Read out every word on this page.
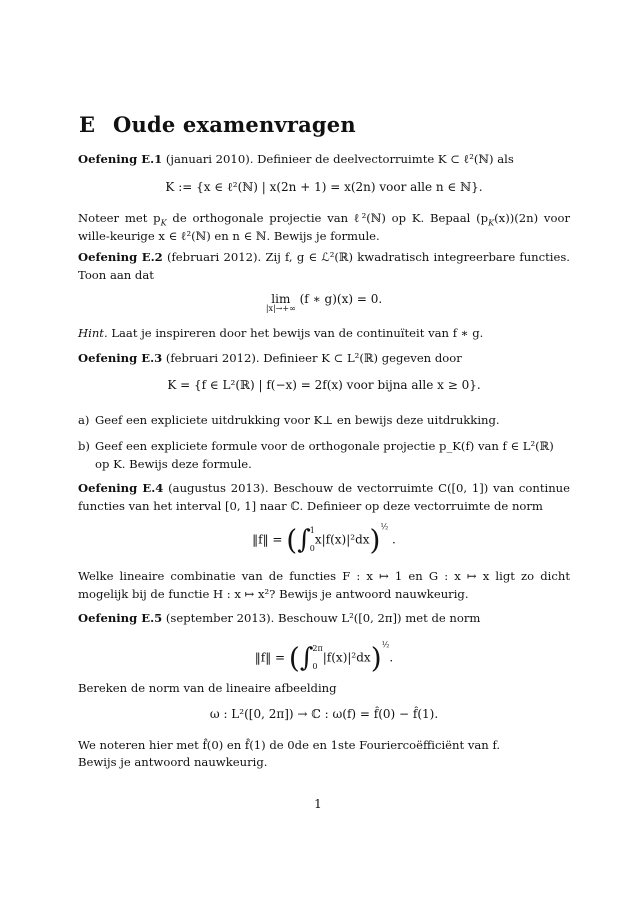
E Oude examenvragen

Oefening E.1 (januari 2010). Definieer de deelvectorruimte K ⊂ ℓ²(ℕ) als

K := {x ∈ ℓ²(ℕ) | x(2n + 1) = x(2n) voor alle n ∈ ℕ}.

Noteer met $p_K$ de orthogonale projectie van ℓ²(ℕ) op K. Bepaal $(p_K(x))(2n)$ voor wille-keurige x ∈ ℓ²(ℕ) en n ∈ ℕ. Bewijs je formule.

Oefening E.2 (februari 2012). Zij f, g ∈ ℒ²(ℝ) kwadratisch integreerbare functies. Toon aan dat

lim
|x|→+∞
(f ∗ g)(x) = 0.

Hint. Laat je inspireren door het bewijs van de continuïteit van f ∗ g.

Oefening E.3 (februari 2012). Definieer K ⊂ L²(ℝ) gegeven door

K = {f ∈ L²(ℝ) | f(−x) = 2f(x) voor bijna alle x ≥ 0}.

a) Geef een expliciete uitdrukking voor K⊥ en bewijs deze uitdrukking.
b) Geef een expliciete formule voor de orthogonale projectie p_K(f) van f ∈ L²(ℝ) op K. Bewijs deze formule.

Oefening E.4 (augustus 2013). Beschouw de vectorruimte C([0, 1]) van continue functies van het interval [0, 1] naar ℂ. Definieer op deze vectorruimte de norm

‖f‖ = (∫ 1
0
x|f(x)|²dx)$^{\frac{1}{2}}$ .

Welke lineaire combinatie van de functies F : x ↦ 1 en G : x ↦ x ligt zo dicht mogelijk bij de functie H : x ↦ x²? Bewijs je antwoord nauwkeurig.

Oefening E.5 (september 2013). Beschouw L²([0, 2π]) met de norm

‖f‖ = (∫ 2π
0
|f(x)|²dx)$^{\frac{1}{2}}$.

Bereken de norm van de lineaire afbeelding

ω : L²([0, 2π]) → ℂ : ω(f) = f̂(0) − f̂(1).

We noteren hier met f̂(0) en f̂(1) de 0de en 1ste Fouriercoëfficiënt van f.

Bewijs je antwoord nauwkeurig.

1
